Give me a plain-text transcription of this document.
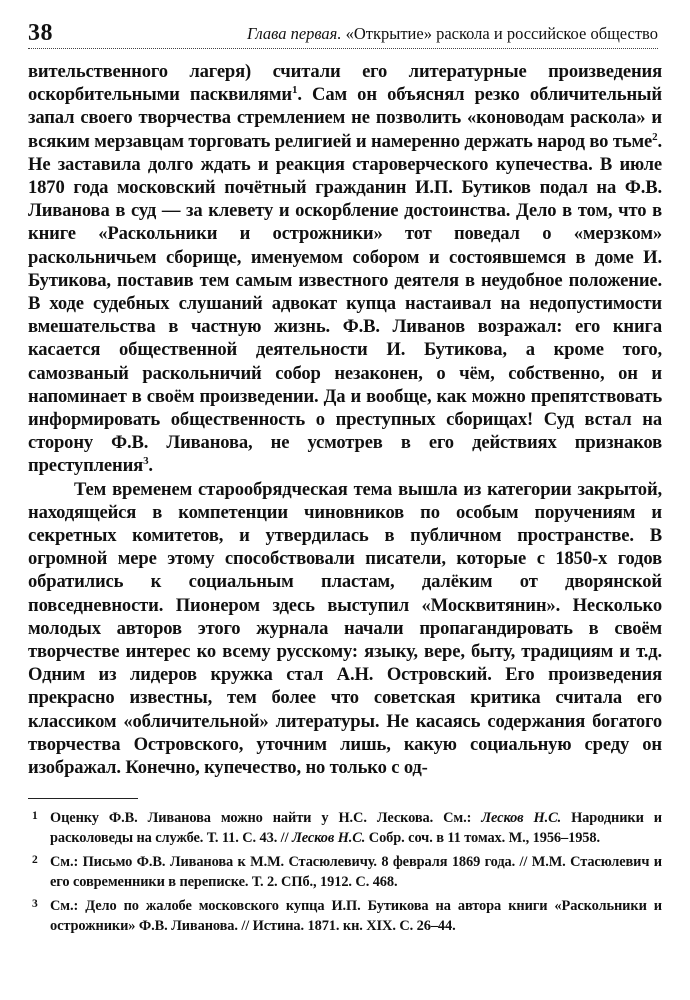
38	Глава первая. «Открытие» раскола и российское общество

вительственного лагеря) считали его литературные произведения оскорбительными пасквилями$^1$. Сам он объяснял резко обличительный запал своего творчества стремлением не позволить «коноводам раскола» и всяким мерзавцам торговать религией и намеренно держать народ во тьме$^2$. Не заставила долго ждать и реакция староверческого купечества. В июле 1870 года московский почётный гражданин И.П. Бутиков подал на Ф.В. Ливанова в суд — за клевету и оскорбление достоинства. Дело в том, что в книге «Раскольники и острожники» тот поведал о «мерзком» раскольничьем сборище, именуемом собором и состоявшемся в доме И. Бутикова, поставив тем самым известного деятеля в неудобное положение. В ходе судебных слушаний адвокат купца настаивал на недопустимости вмешательства в частную жизнь. Ф.В. Ливанов возражал: его книга касается общественной деятельности И. Бутикова, а кроме того, самозваный раскольничий собор незаконен, о чём, собственно, он и напоминает в своём произведении. Да и вообще, как можно препятствовать информировать общественность о преступных сборищах! Суд встал на сторону Ф.В. Ливанова, не усмотрев в его действиях признаков преступления$^3$.

Тем временем старообрядческая тема вышла из категории закрытой, находящейся в компетенции чиновников по особым поручениям и секретных комитетов, и утвердилась в публичном пространстве. В огромной мере этому способствовали писатели, которые с 1850-х годов обратились к социальным пластам, далёким от дворянской повседневности. Пионером здесь выступил «Москвитянин». Несколько молодых авторов этого журнала начали пропагандировать в своём творчестве интерес ко всему русскому: языку, вере, быту, традициям и т.д. Одним из лидеров кружка стал А.Н. Островский. Его произведения прекрасно известны, тем более что советская критика считала его классиком «обличительной» литературы. Не касаясь содержания богатого творчества Островского, уточним лишь, какую социальную среду он изображал. Конечно, купечество, но только с од-

1 Оценку Ф.В. Ливанова можно найти у Н.С. Лескова. См.: Лесков Н.С. Народники и расколоведы на службе. Т. 11. С. 43. // Лесков Н.С. Собр. соч. в 11 томах. М., 1956–1958.
2 См.: Письмо Ф.В. Ливанова к М.М. Стасюлевичу. 8 февраля 1869 года. // М.М. Стасюлевич и его современники в переписке. Т. 2. СПб., 1912. С. 468.
3 См.: Дело по жалобе московского купца И.П. Бутикова на автора книги «Раскольники и острожники» Ф.В. Ливанова. // Истина. 1871. кн. XIX. С. 26–44.
